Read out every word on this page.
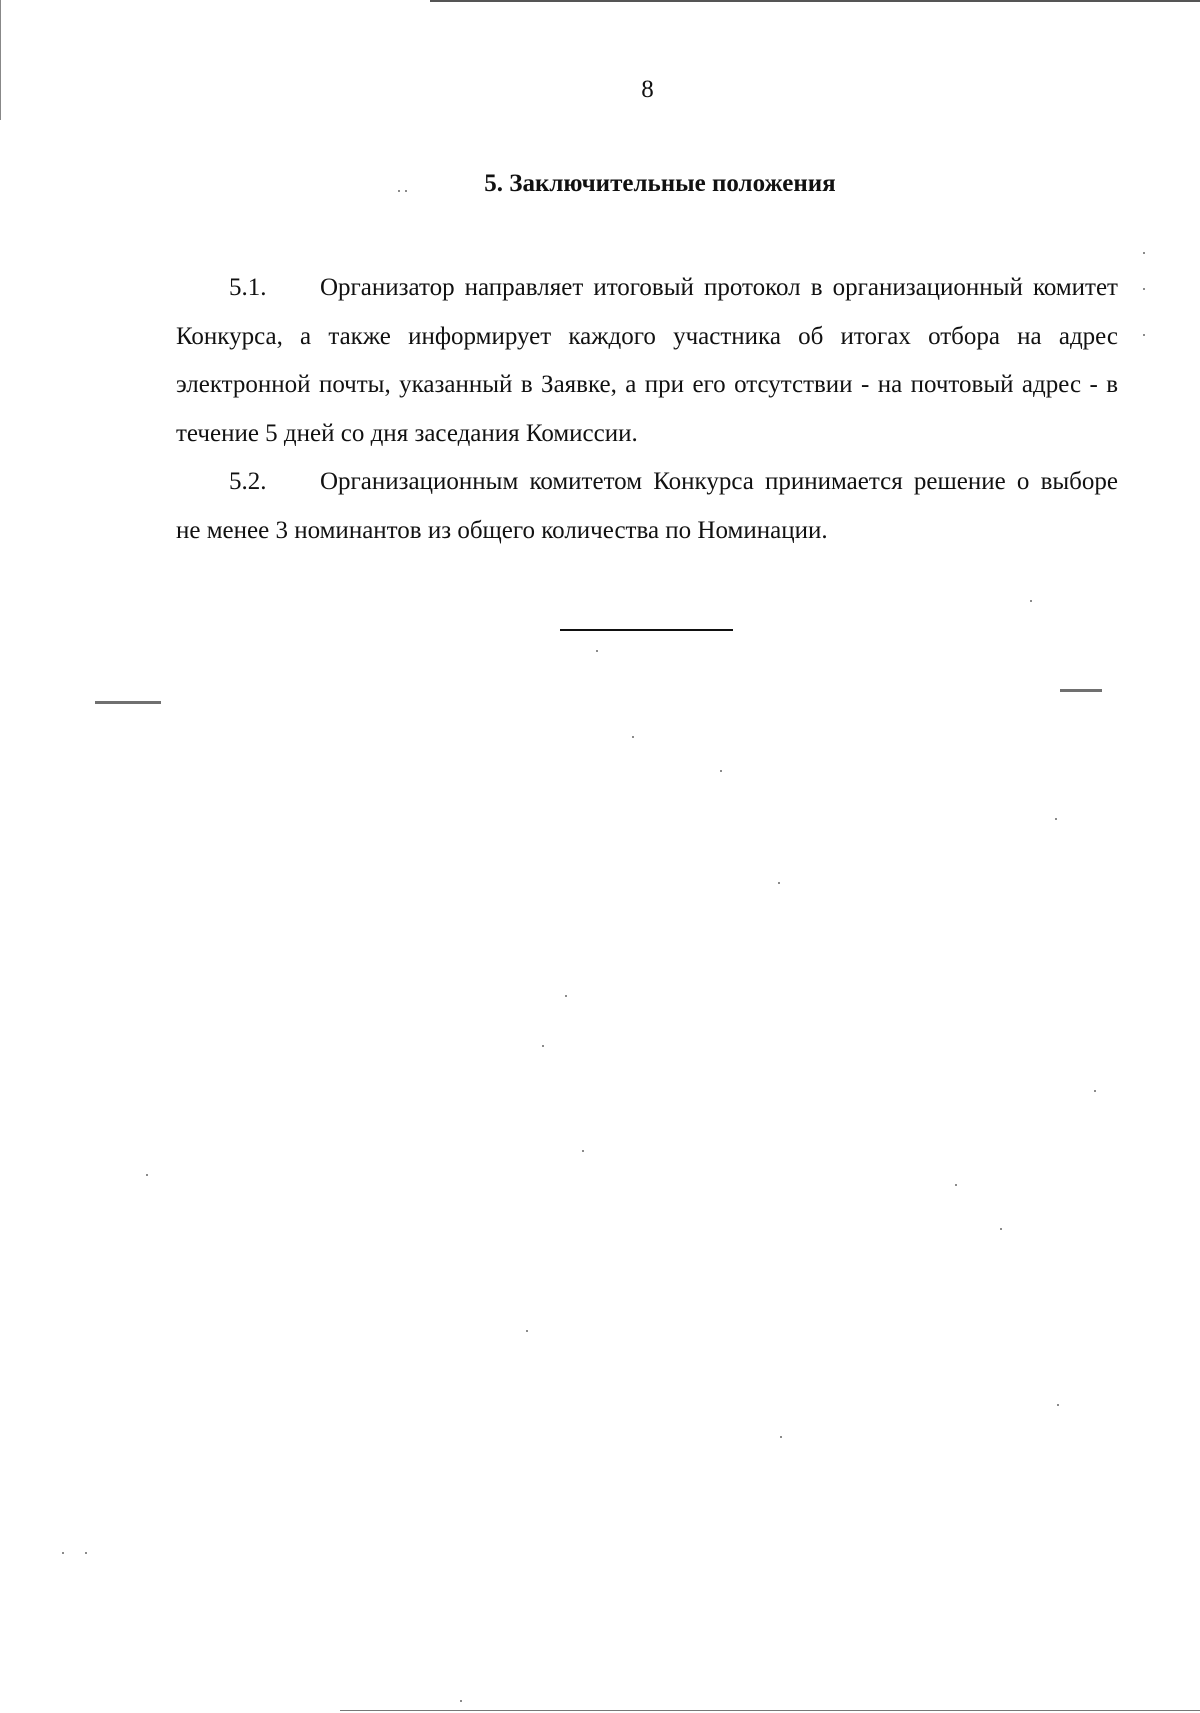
8
5. Заключительные положения

5.1. Организатор направляет итоговый протокол в организационный комитет Конкурса, а также информирует каждого участника об итогах отбора на адрес электронной почты, указанный в Заявке, а при его отсутствии - на почтовый адрес - в течение 5 дней со дня заседания Комиссии.

5.2. Организационным комитетом Конкурса принимается решение о выборе не менее 3 номинантов из общего количества по Номинации.
